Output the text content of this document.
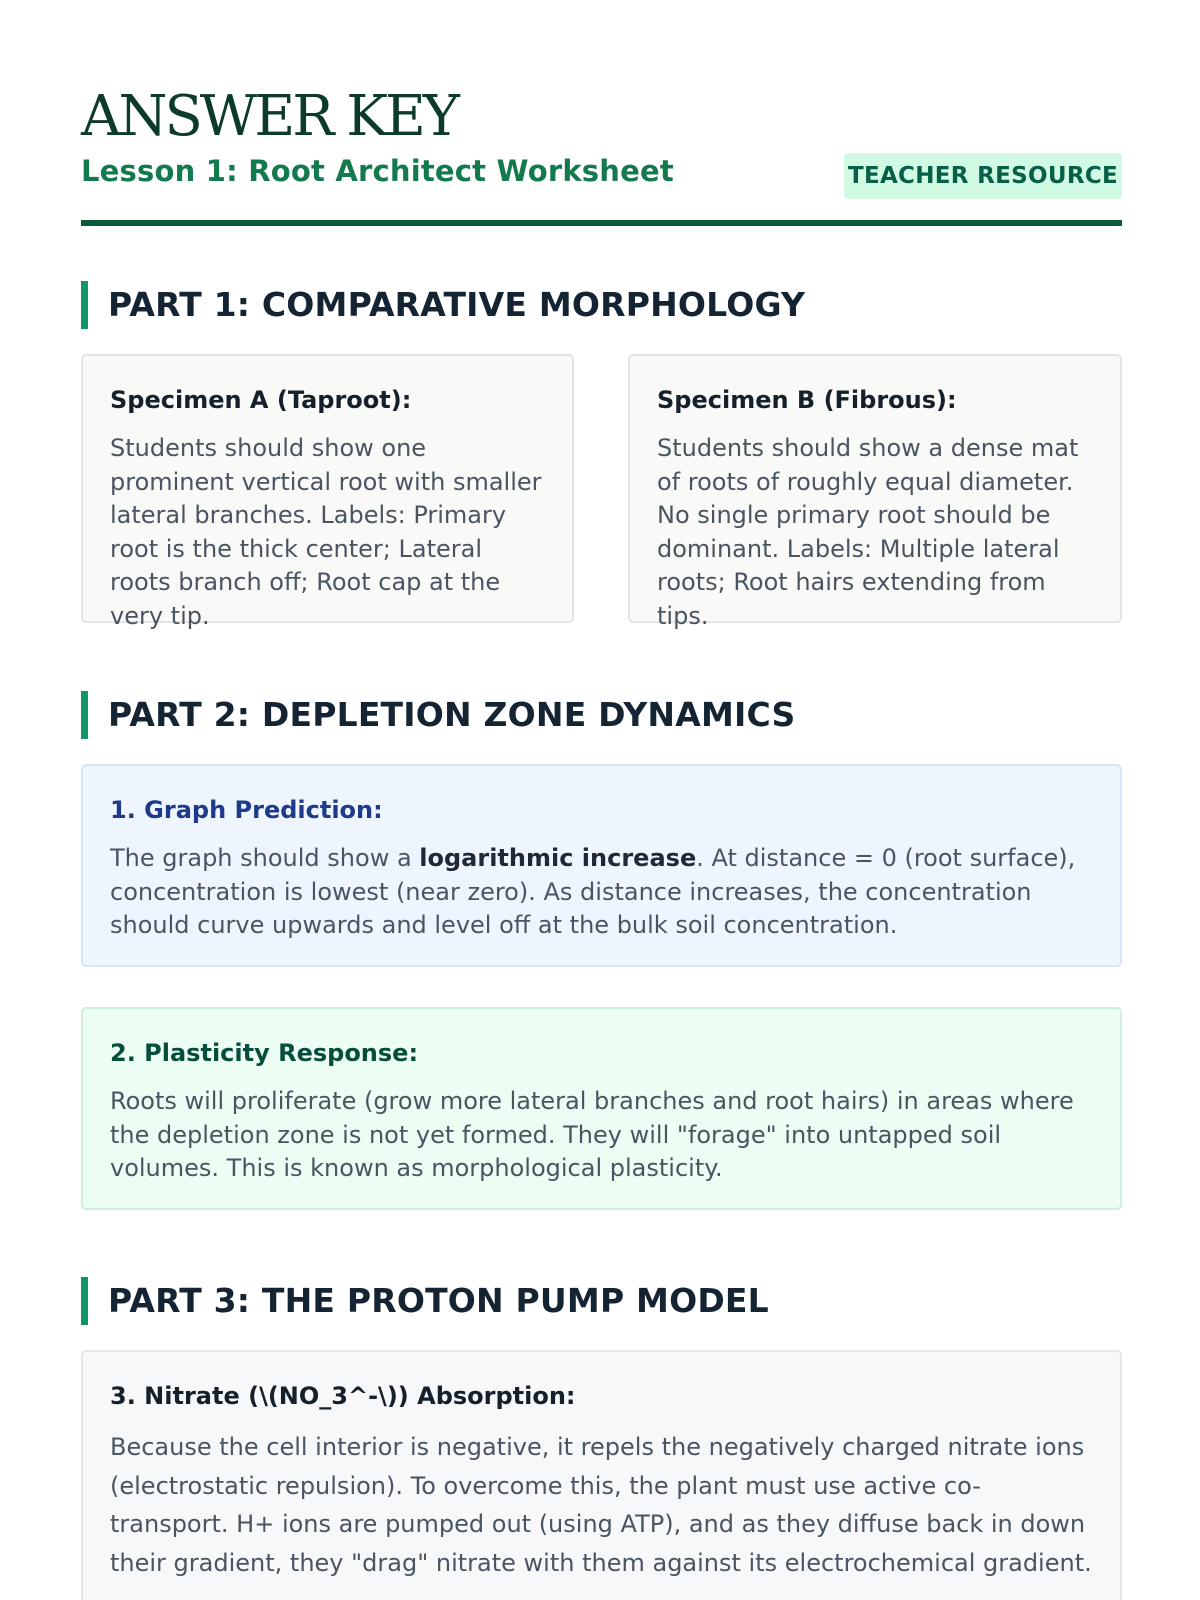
ANSWER KEY
Lesson 1: Root Architect Worksheet	TEACHER RESOURCE
PART 1: COMPARATIVE MORPHOLOGY
Specimen A (Taproot):
Students should show one prominent vertical root with smaller lateral branches. Labels: Primary root is the thick center; Lateral roots branch off; Root cap at the very tip.
Specimen B (Fibrous):
Students should show a dense mat of roots of roughly equal diameter. No single primary root should be dominant. Labels: Multiple lateral roots; Root hairs extending from tips.
PART 2: DEPLETION ZONE DYNAMICS
1. Graph Prediction:
The graph should show a logarithmic increase. At distance = 0 (root surface), concentration is lowest (near zero). As distance increases, the concentration should curve upwards and level off at the bulk soil concentration.
2. Plasticity Response:
Roots will proliferate (grow more lateral branches and root hairs) in areas where the depletion zone is not yet formed. They will "forage" into untapped soil volumes. This is known as morphological plasticity.
PART 3: THE PROTON PUMP MODEL
3. Nitrate (\(NO_3^-\)) Absorption:
Because the cell interior is negative, it repels the negatively charged nitrate ions (electrostatic repulsion). To overcome this, the plant must use active co-transport. H+ ions are pumped out (using ATP), and as they diffuse back in down their gradient, they "drag" nitrate with them against its electrochemical gradient.
